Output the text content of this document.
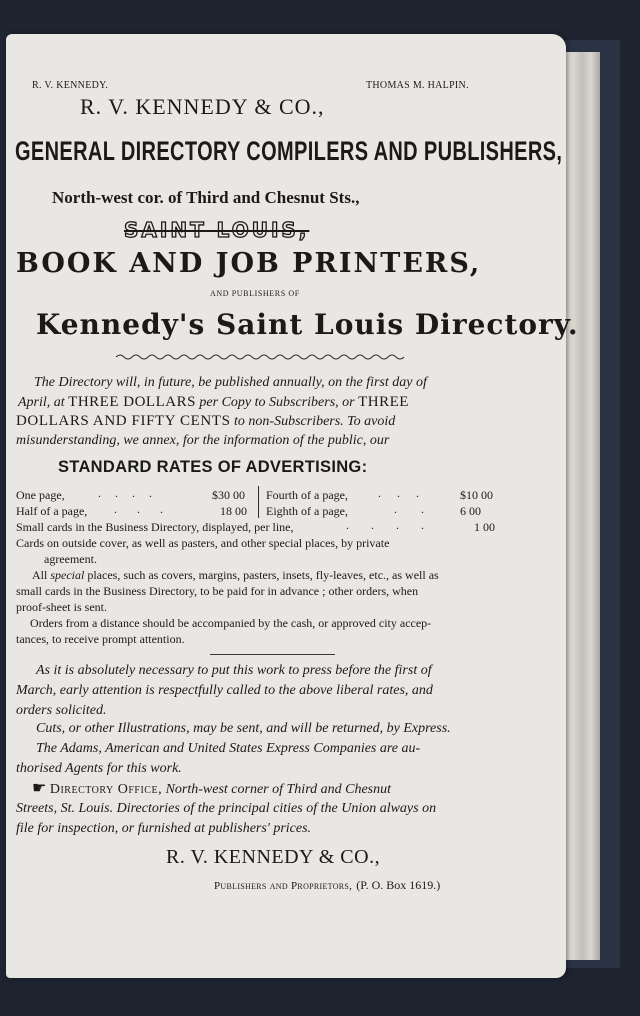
R. V. KENNEDY.	THOMAS M. HALPIN.
R. V. KENNEDY & CO.,
GENERAL DIRECTORY COMPILERS AND PUBLISHERS,
North-west cor. of Third and Chesnut Sts.,
SAINT LOUIS,
BOOK AND JOB PRINTERS,
AND PUBLISHERS OF
Kennedy's Saint Louis Directory.
The Directory will, in future, be published annually, on the first day of
April, at THREE DOLLARS per Copy to Subscribers, or THREE
DOLLARS AND FIFTY CENTS to non-Subscribers. To avoid
misunderstanding, we annex, for the information of the public, our
STANDARD RATES OF ADVERTISING:
One page,	....	$30 00 Fourth of a page,	... $10 00
Half of a page, ...	18 00 Eighth of a page,	.. 6 00
Small cards in the Business Directory, displayed, per line,	.... 1 00
Cards on outside cover, as well as pasters, and other special places, by private
agreement.
All special places, such as covers, margins, pasters, insets, fly-leaves, etc., as well as
small cards in the Business Directory, to be paid for in advance ; other orders, when
proof-sheet is sent.
Orders from a distance should be accompanied by the cash, or approved city accep-
tances, to receive prompt attention.
As it is absolutely necessary to put this work to press before the first of
March, early attention is respectfully called to the above liberal rates, and
orders solicited.
Cuts, or other Illustrations, may be sent, and will be returned, by Express.
The Adams, American and United States Express Companies are au-
thorised Agents for this work.
☛ Directory Office, North-west corner of Third and Chesnut
Streets, St. Louis. Directories of the principal cities of the Union always on
file for inspection, or furnished at publishers' prices.
R. V. KENNEDY & CO.,
Publishers and Proprietors, (P. O. Box 1619.)
